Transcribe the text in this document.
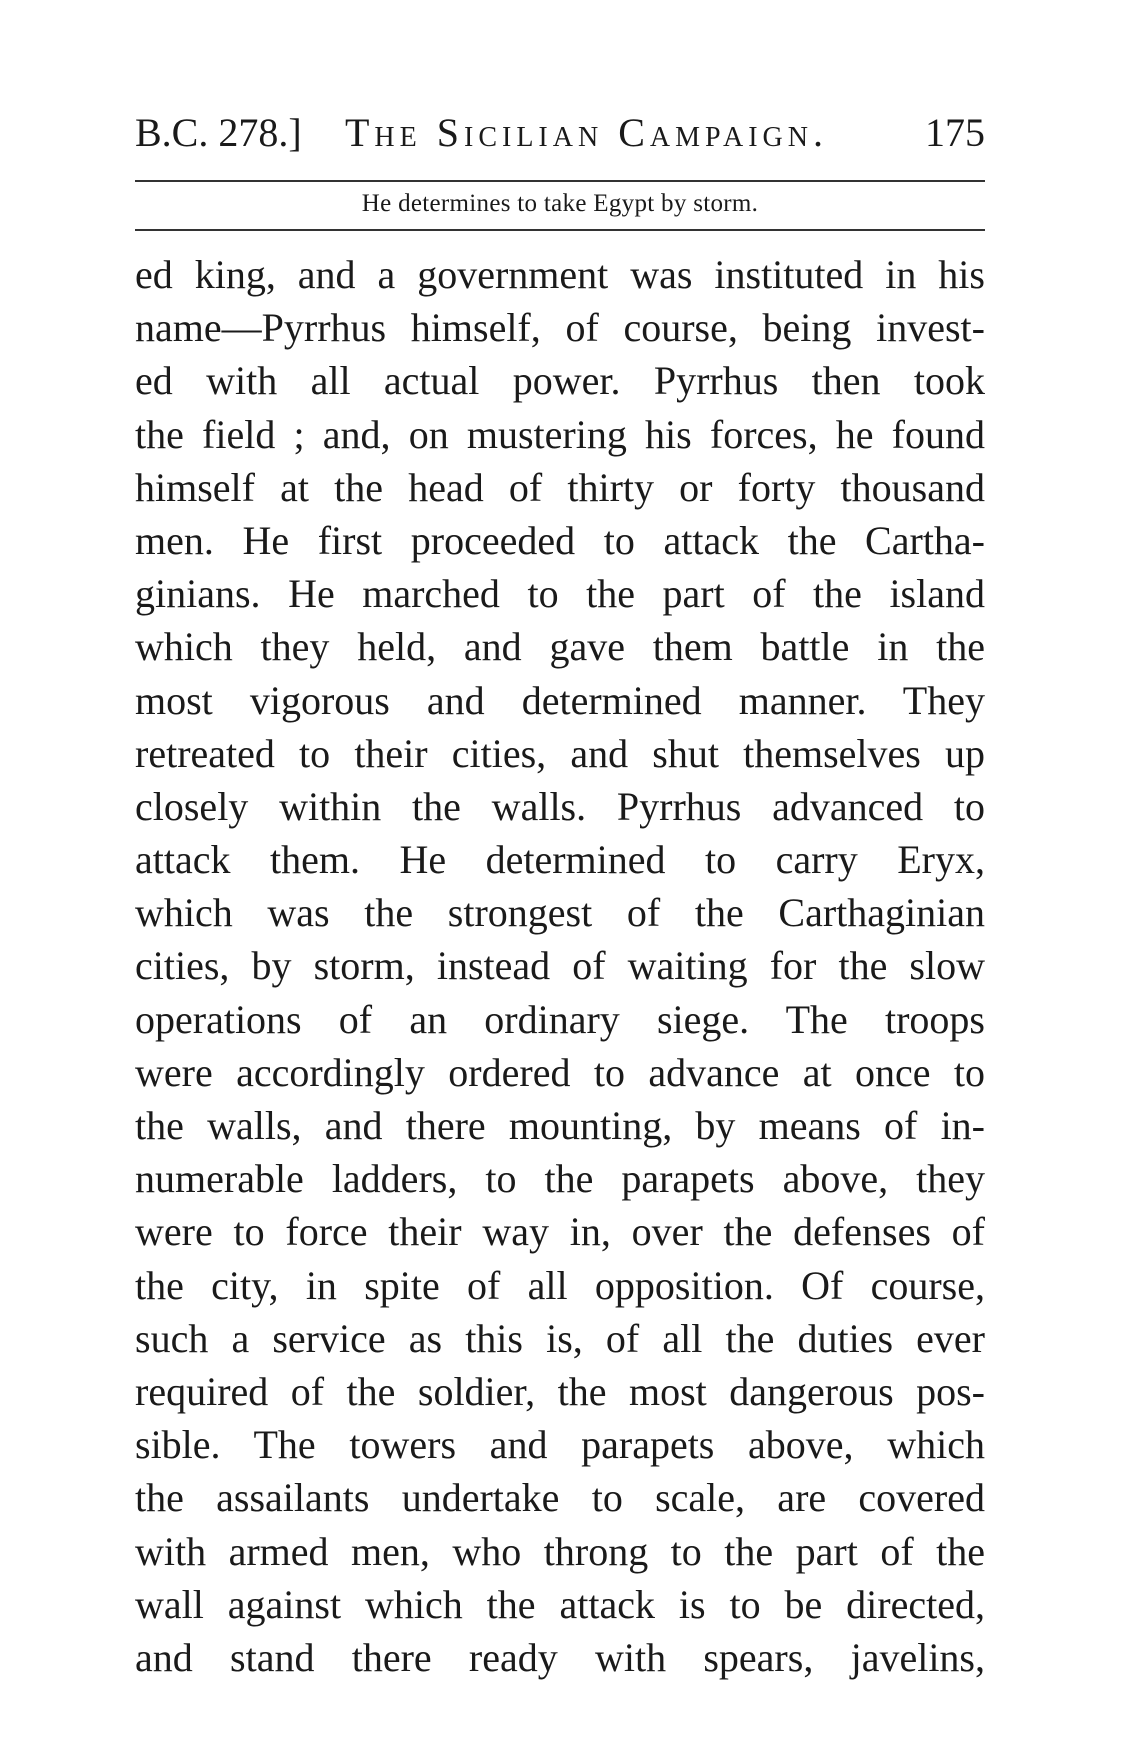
B.C. 278.] The Sicilian Campaign. 175
He determines to take Egypt by storm.
ed king, and a government was instituted in his
name—Pyrrhus himself, of course, being invest-
ed with all actual power. Pyrrhus then took
the field ; and, on mustering his forces, he found
himself at the head of thirty or forty thousand
men. He first proceeded to attack the Cartha-
ginians. He marched to the part of the island
which they held, and gave them battle in the
most vigorous and determined manner. They
retreated to their cities, and shut themselves up
closely within the walls. Pyrrhus advanced to
attack them. He determined to carry Eryx,
which was the strongest of the Carthaginian
cities, by storm, instead of waiting for the slow
operations of an ordinary siege. The troops
were accordingly ordered to advance at once to
the walls, and there mounting, by means of in-
numerable ladders, to the parapets above, they
were to force their way in, over the defenses of
the city, in spite of all opposition. Of course,
such a service as this is, of all the duties ever
required of the soldier, the most dangerous pos-
sible. The towers and parapets above, which
the assailants undertake to scale, are covered
with armed men, who throng to the part of the
wall against which the attack is to be directed,
and stand there ready with spears, javelins,
